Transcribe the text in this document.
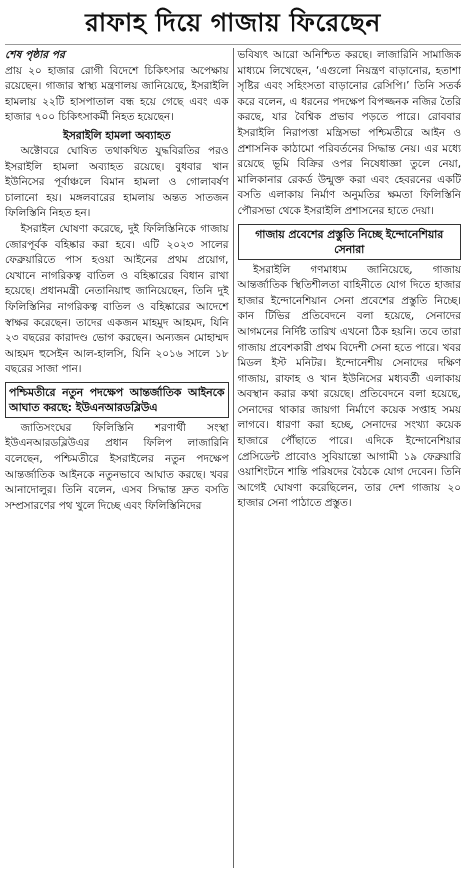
রাফাহ দিয়ে গাজায় ফিরেছেন

শেষ পৃষ্ঠার পর

প্রায় ২০ হাজার রোগী বিদেশে চিকিৎসার অপেক্ষায় রয়েছেন। গাজার স্বাস্থ্য মন্ত্রণালয় জানিয়েছে, ইসরাইলি হামলায় ২২টি হাসপাতাল বন্ধ হয়ে গেছে এবং এক হাজার ৭০০ চিকিৎসাকর্মী নিহত হয়েছেন।

ইসরাইলি হামলা অব্যাহত

অক্টোবরে ঘোষিত তথাকথিত যুদ্ধবিরতির পরও ইসরাইলি হামলা অব্যাহত রয়েছে। বুধবার খান ইউনিসের পূর্বাঞ্চলে বিমান হামলা ও গোলাবর্ষণ চালানো হয়। মঙ্গলবারের হামলায় অন্তত সাতজন ফিলিস্তিনি নিহত হন।

ইসরাইল ঘোষণা করেছে, দুই ফিলিস্তিনিকে গাজায় জোরপূর্বক বহিষ্কার করা হবে। এটি ২০২৩ সালের ফেব্রুয়ারিতে পাস হওয়া আইনের প্রথম প্রয়োগ, যেখানে নাগরিকত্ব বাতিল ও বহিষ্কারের বিধান রাখা হয়েছে। প্রধানমন্ত্রী নেতানিয়াহু জানিয়েছেন, তিনি দুই ফিলিস্তিনির নাগরিকত্ব বাতিল ও বহিষ্কারের আদেশে স্বাক্ষর করেছেন। তাদের একজন মাহমুদ আহমদ, যিনি ২৩ বছরের কারাদণ্ড ভোগ করছেন। অন্যজন মোহাম্মদ আহমদ হুসেইন আল-হালসি, যিনি ২০১৬ সালে ১৮ বছরের সাজা পান।

পশ্চিমতীরে নতুন পদক্ষেপ আন্তর্জাতিক আইনকে আঘাত করছে: ইউএনআরডব্লিউএ

জাতিসংঘের ফিলিস্তিনি শরণার্থী সংস্থা ইউএনআরডব্লিউএর প্রধান ফিলিপ লাজারিনি বলেছেন, পশ্চিমতীরে ইসরাইলের নতুন পদক্ষেপ আন্তর্জাতিক আইনকে নতুনভাবে আঘাত করছে। খবর আনাদোলুর। তিনি বলেন, এসব সিদ্ধান্ত দ্রুত বসতি সম্প্রসারণের পথ খুলে দিচ্ছে এবং ফিলিস্তিনিদের

ভবিষ্যৎ আরো অনিশ্চিত করছে। লাজারিনি সামাজিক মাধ্যমে লিখেছেন, ‘এগুলো নিয়ন্ত্রণ বাড়ানোর, হতাশা সৃষ্টির এবং সহিংসতা বাড়ানোর রেসিপি।’ তিনি সতর্ক করে বলেন, এ ধরনের পদক্ষেপ বিপজ্জনক নজির তৈরি করছে, যার বৈশ্বিক প্রভাব পড়তে পারে। রোববার ইসরাইলি নিরাপত্তা মন্ত্রিসভা পশ্চিমতীরে আইন ও প্রশাসনিক কাঠামো পরিবর্তনের সিদ্ধান্ত নেয়। এর মধ্যে রয়েছে ভূমি বিক্রির ওপর নিষেধাজ্ঞা তুলে নেয়া, মালিকানার রেকর্ড উন্মুক্ত করা এবং হেবরনের একটি বসতি এলাকায় নির্মাণ অনুমতির ক্ষমতা ফিলিস্তিনি পৌরসভা থেকে ইসরাইলি প্রশাসনের হাতে দেয়া।

গাজায় প্রবেশের প্রস্তুতি নিচ্ছে ইন্দোনেশিয়ার সেনারা

ইসরাইলি গণমাধ্যম জানিয়েছে, গাজায় আন্তর্জাতিক স্থিতিশীলতা বাহিনীতে যোগ দিতে হাজার হাজার ইন্দোনেশিয়ান সেনা প্রবেশের প্রস্তুতি নিচ্ছে। কান টিভির প্রতিবেদনে বলা হয়েছে, সেনাদের আগমনের নির্দিষ্ট তারিখ এখনো ঠিক হয়নি। তবে তারা গাজায় প্রবেশকারী প্রথম বিদেশী সেনা হতে পারে। খবর মিডল ইস্ট মনিটর। ইন্দোনেশীয় সেনাদের দক্ষিণ গাজায়, রাফাহ ও খান ইউনিসের মধ্যবর্তী এলাকায় অবস্থান করার কথা রয়েছে। প্রতিবেদনে বলা হয়েছে, সেনাদের থাকার জায়গা নির্মাণে কয়েক সপ্তাহ সময় লাগবে। ধারণা করা হচ্ছে, সেনাদের সংখ্যা কয়েক হাজারে পৌঁছাতে পারে। এদিকে ইন্দোনেশিয়ার প্রেসিডেন্ট প্রাবোও সুবিয়ান্তো আগামী ১৯ ফেব্রুয়ারি ওয়াশিংটনে শান্তি পরিষদের বৈঠকে যোগ দেবেন। তিনি আগেই ঘোষণা করেছিলেন, তার দেশ গাজায় ২০ হাজার সেনা পাঠাতে প্রস্তুত।
